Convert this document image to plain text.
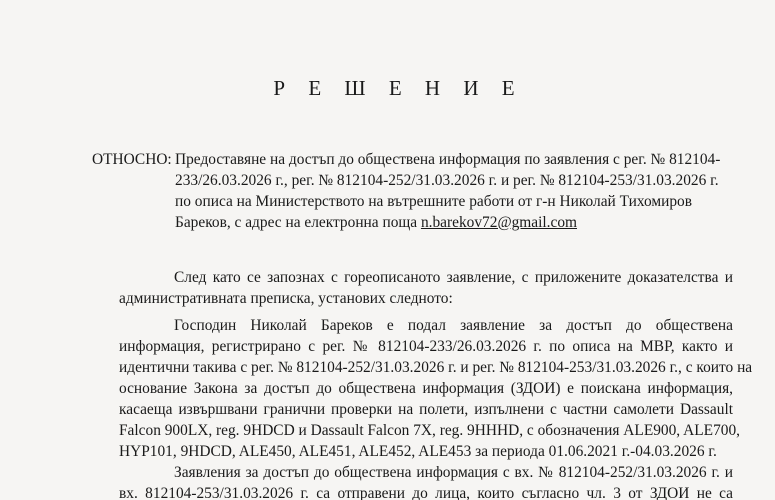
Р Е Ш Е Н И Е
ОТНОСНО: Предоставяне на достъп до обществена информация по заявления с рег. № 812104-
233/26.03.2026 г., рег. № 812104-252/31.03.2026 г. и рег. № 812104-253/31.03.2026 г.
по описа на Министерството на вътрешните работи от г-н Николай Тихомиров
Бареков, с адрес на електронна поща n.barekov72@gmail.com
След като се запознах с гореописаното заявление, с приложените доказателства и
административната преписка, установих следното:
Господин Николай Бареков е подал заявление за достъп до обществена
информация, регистрирано с рег. № 812104-233/26.03.2026 г. по описа на МВР, както и
идентични такива с рег. № 812104-252/31.03.2026 г. и рег. № 812104-253/31.03.2026 г., с които на
основание Закона за достъп до обществена информация (ЗДОИ) е поискана информация,
касаеща извършвани гранични проверки на полети, изпълнени с частни самолети Dassault
Falcon 900LX, reg. 9HDCD и Dassault Falcon 7X, reg. 9HHHD, с обозначения ALE900, ALE700,
HYP101, 9HDCD, ALE450, ALE451, ALE452, ALE453 за периода 01.06.2021 г.-04.03.2026 г.
Заявления за достъп до обществена информация с вх. № 812104-252/31.03.2026 г. и
вх. 812104-253/31.03.2026 г. са отправени до лица, които съгласно чл. 3 от ЗДОИ не са
